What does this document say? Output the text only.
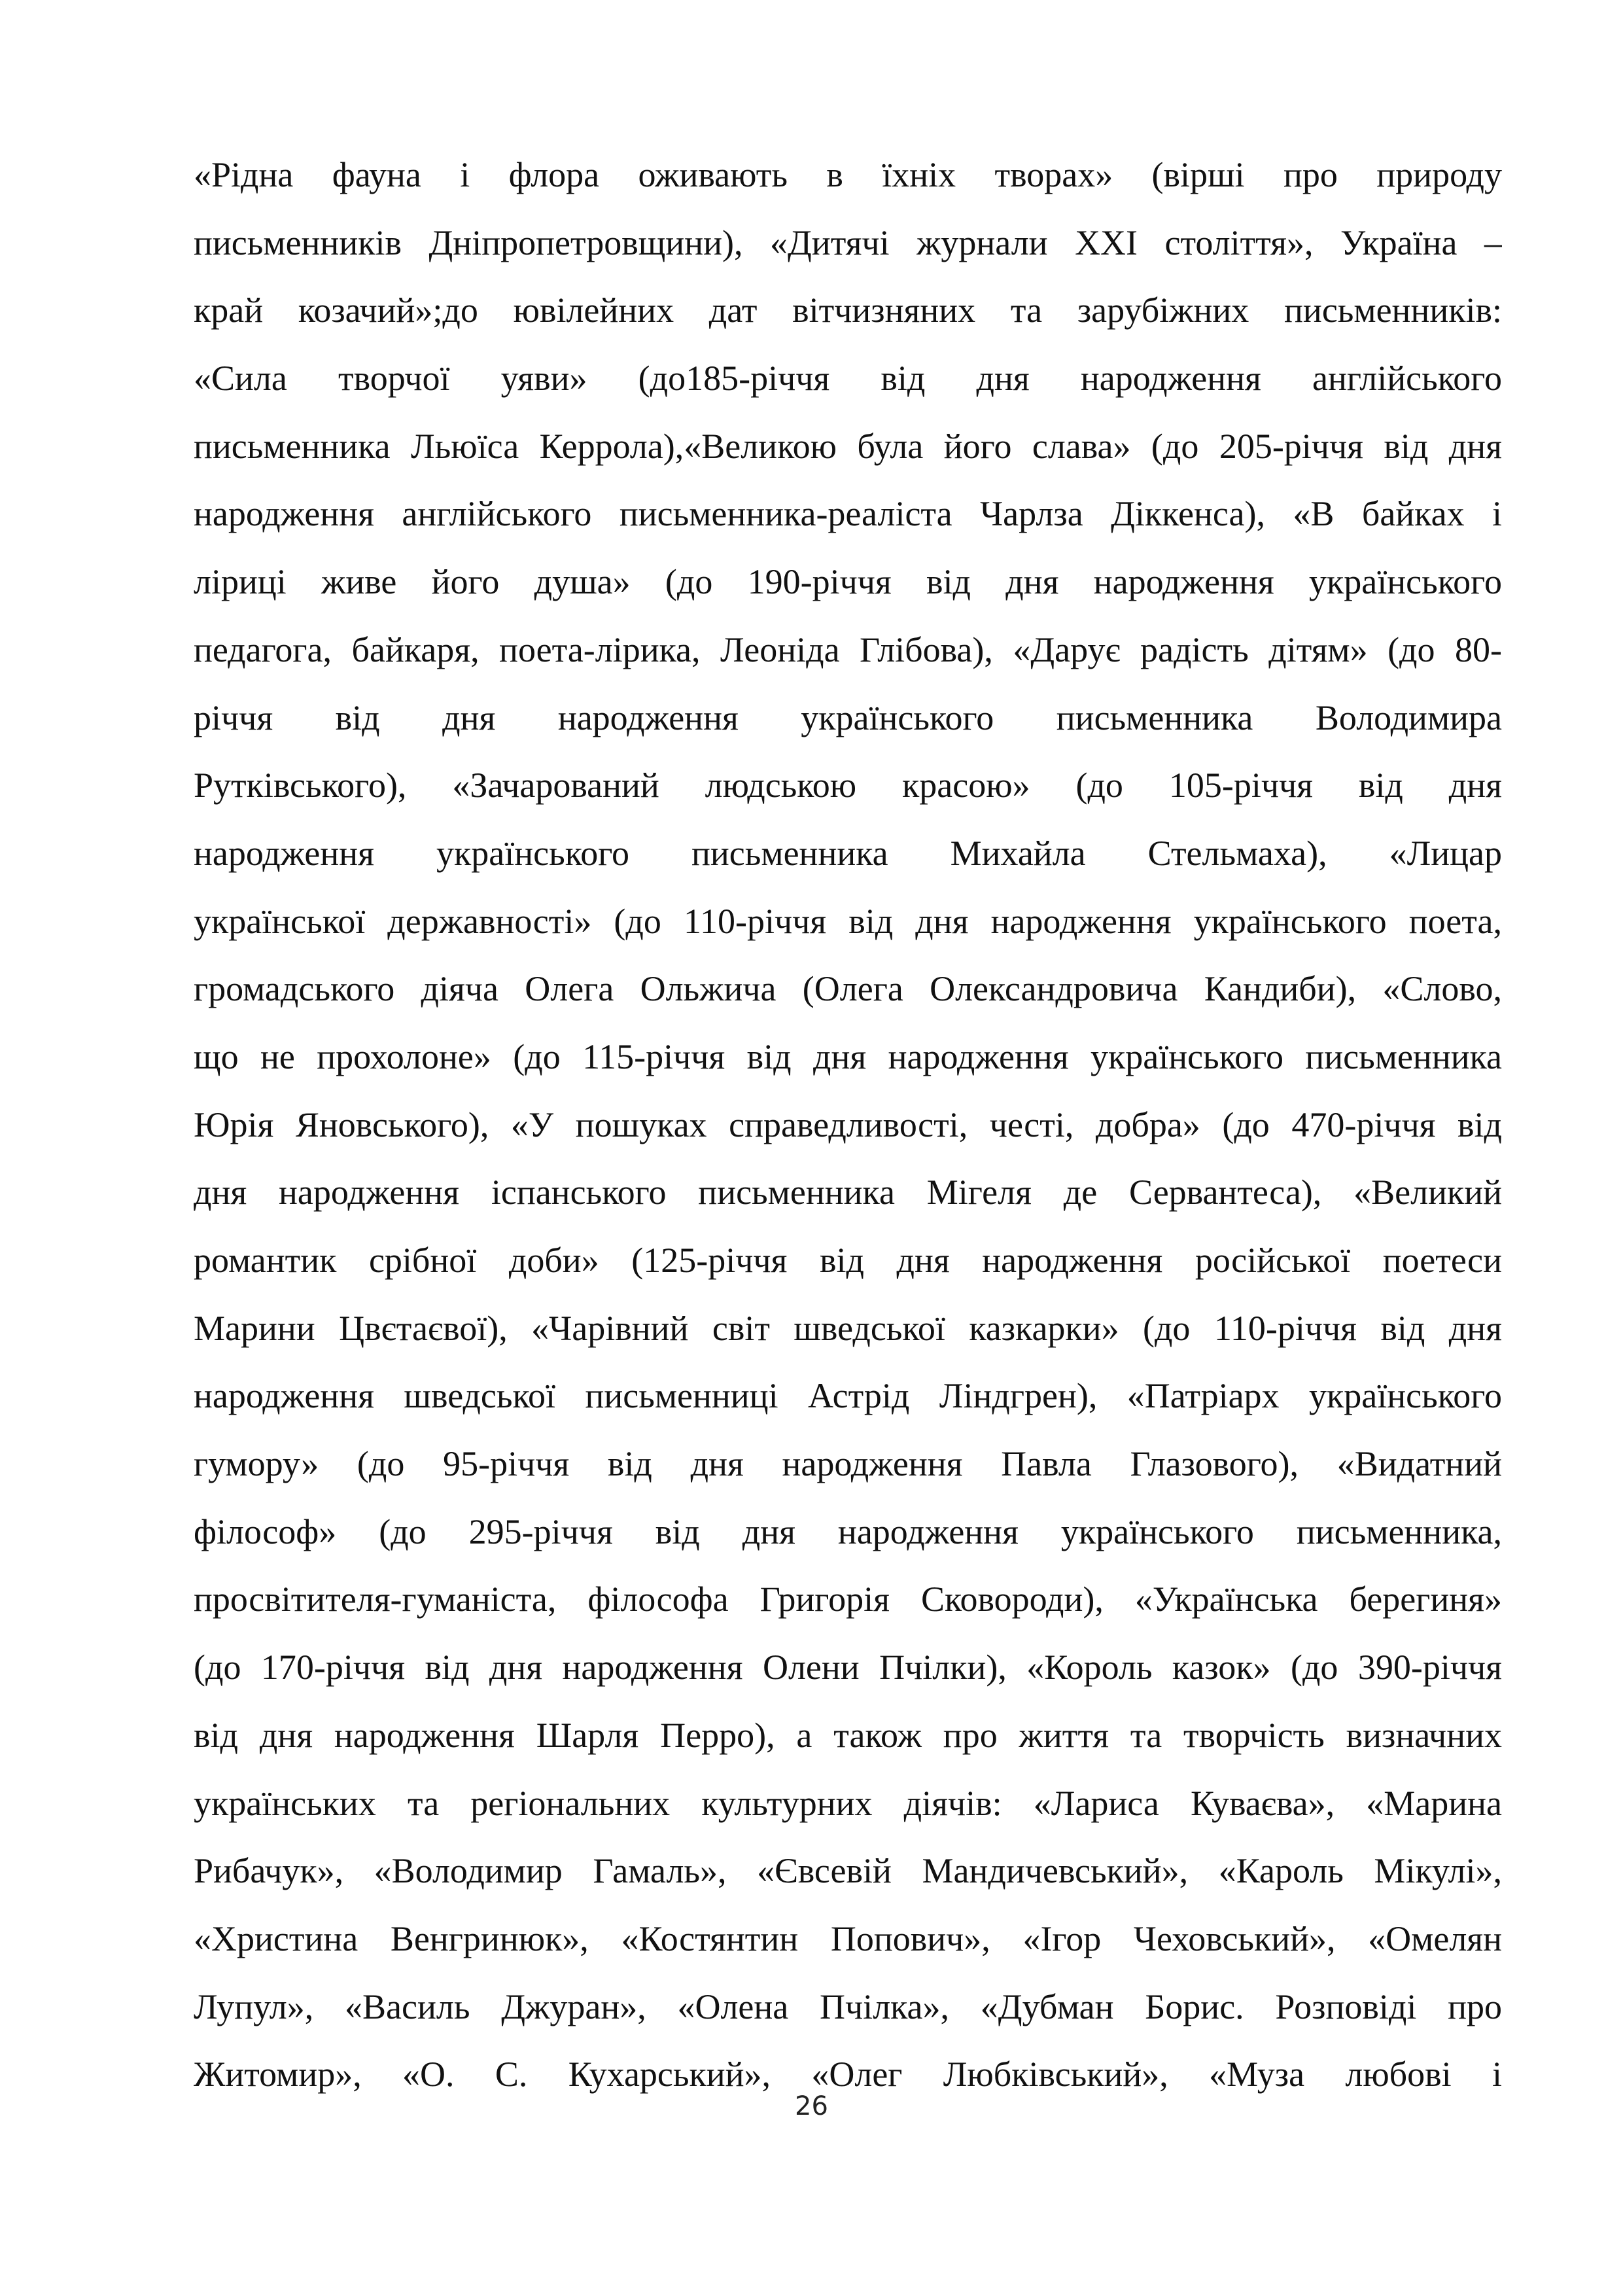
«Рідна фауна і флора оживають в їхніх творах» (вірші про природу
письменників Дніпропетровщини), «Дитячі журнали XXI століття», Україна –
край козачий»;до ювілейних дат вітчизняних та зарубіжних письменників:
«Сила творчої уяви» (до185-річчя від дня народження англійського
письменника Льюїса Керрола),«Великою була його слава» (до 205-річчя від дня
народження англійського письменника-реаліста Чарлза Діккенса), «В байках і
ліриці живе його душа» (до 190-річчя від дня народження українського
педагога, байкаря, поета-лірика, Леоніда Глібова), «Дарує радість дітям» (до 80-
річчя від дня народження українського письменника Володимира
Рутківського), «Зачарований людською красою» (до 105-річчя від дня
народження українського письменника Михайла Стельмаха), «Лицар
української державності» (до 110-річчя від дня народження українського поета,
громадського діяча Олега Ольжича (Олега Олександровича Кандиби), «Слово,
що не прохолоне» (до 115-річчя від дня народження українського письменника
Юрія Яновського), «У пошуках справедливості, честі, добра» (до 470-річчя від
дня народження іспанського письменника Мігеля де Сервантеса), «Великий
романтик срібної доби» (125-річчя від дня народження російської поетеси
Марини Цвєтаєвої), «Чарівний світ шведської казкарки» (до 110-річчя від дня
народження шведської письменниці Астрід Ліндгрен), «Патріарх українського
гумору» (до 95-річчя від дня народження Павла Глазового), «Видатний
філософ» (до 295-річчя від дня народження українського письменника,
просвітителя-гуманіста, філософа Григорія Сковороди), «Українська берегиня»
(до 170-річчя від дня народження Олени Пчілки), «Король казок» (до 390-річчя
від дня народження Шарля Перро), а також про життя та творчість визначних
українських та регіональних культурних діячів: «Лариса Куваєва», «Марина
Рибачук», «Володимир Гамаль», «Євсевій Мандичевський», «Кароль Мікулі»,
«Христина Венгринюк», «Костянтин Попович», «Ігор Чеховський», «Омелян
Лупул», «Василь Джуран», «Олена Пчілка», «Дубман Борис. Розповіді про
Житомир», «О. С. Кухарський», «Олег Любківський», «Муза любові і
26
